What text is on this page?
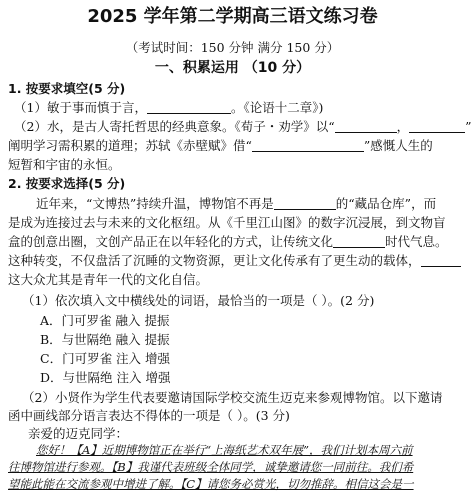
2025 学年第二学期高三语文练习卷
（考试时间：150 分钟 满分 150 分）
一、积累运用 （10 分）
1. 按要求填空(5 分)
（1）敏于事而慎于言，	。《论语十二章》)
（2）水，是古人寄托哲思的经典意象。《荀子・劝学》以“	，	”
阐明学习需积累的道理；苏轼《赤壁赋》借“	”感慨人生的
短暂和宇宙的永恒。
2. 按要求选择(5 分)
近年来，“文博热”持续升温，博物馆不再是	的“藏品仓库”，而
是成为连接过去与未来的文化枢纽。从《千里江山图》的数字沉浸展，到文物盲
盒的创意出圈，文创产品正在以年轻化的方式，让传统文化	时代气息。
这种转变，不仅盘活了沉睡的文物资源，更让文化传承有了更生动的载体，
这大众尤其是青年一代的文化自信。
（1）依次填入文中横线处的词语，最恰当的一项是（ ）。(2 分)
A．门可罗雀 融入 提振
B．与世隔绝 融入 提振
C．门可罗雀 注入 增强
D．与世隔绝 注入 增强
（2）小贤作为学生代表要邀请国际学校交流生迈克来参观博物馆。以下邀请
函中画线部分语言表达不得体的一项是（ ）。(3 分)
亲爱的迈克同学：
您好！【A】近期博物馆正在举行“上海纸艺术双年展”，我们计划本周六前
往博物馆进行参观。【B】我谨代表班级全体同学，诚挚邀请您一同前往。我们希
望能此能在交流参观中增进了解。【C】请您务必赏光，切勿推辞。相信这会是一
